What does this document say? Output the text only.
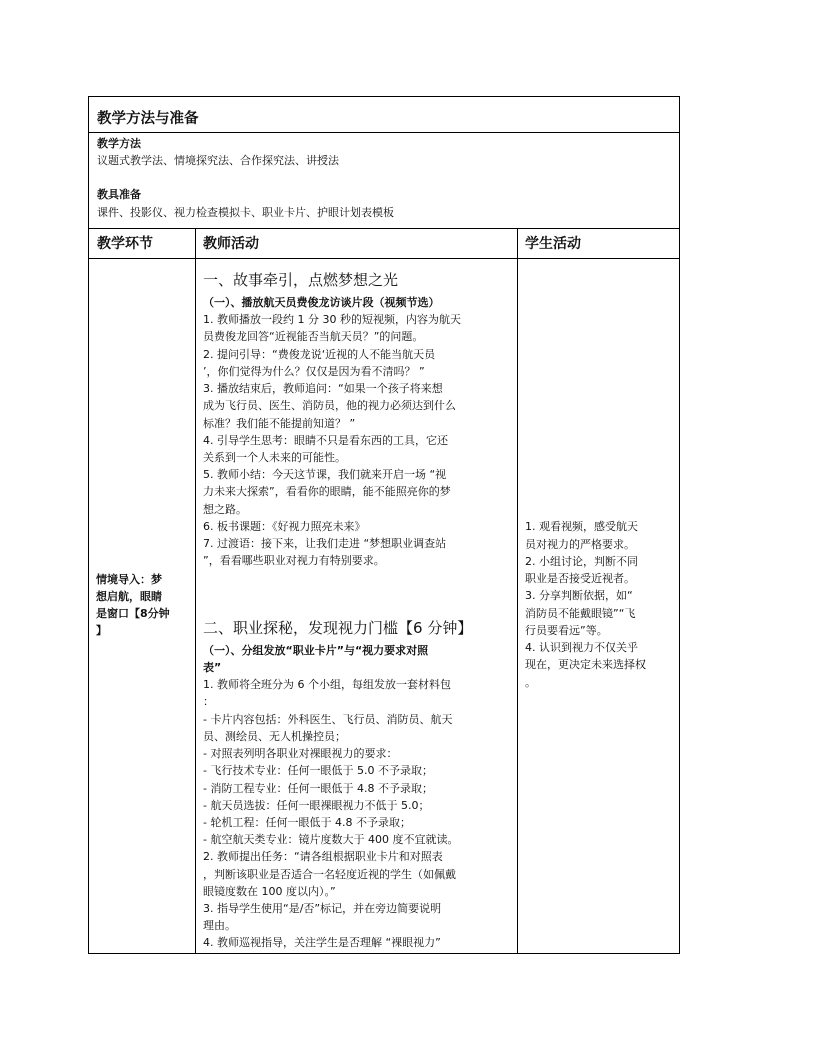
教学方法与准备
教学方法
议题式教学法、情境探究法、合作探究法、讲授法
教具准备
课件、投影仪、视力检查模拟卡、职业卡片、护眼计划表模板
教学环节	教师活动	学生活动
情境导入：梦
想启航，眼睛
是窗口【8分钟
】
一、故事牵引，点燃梦想之光
（一）、播放航天员费俊龙访谈片段（视频节选）
1. 教师播放一段约 1 分 30 秒的短视频，内容为航天
员费俊龙回答“近视能否当航天员？”的问题。
2. 提问引导：“费俊龙说‘近视的人不能当航天员
’，你们觉得为什么？仅仅是因为看不清吗？ ”
3. 播放结束后，教师追问：“如果一个孩子将来想
成为飞行员、医生、消防员，他的视力必须达到什么
标准？我们能不能提前知道？ ”
4. 引导学生思考：眼睛不只是看东西的工具，它还
关系到一个人未来的可能性。
5. 教师小结：今天这节课，我们就来开启一场 “视
力未来大探索”，看看你的眼睛，能不能照亮你的梦
想之路。
6. 板书课题：《好视力照亮未来》
7. 过渡语：接下来，让我们走进 “梦想职业调查站
”，看看哪些职业对视力有特别要求。
二、职业探秘，发现视力门槛【6 分钟】
（一）、分组发放“职业卡片”与“视力要求对照
表”
1. 教师将全班分为 6 个小组，每组发放一套材料包
：
- 卡片内容包括：外科医生、飞行员、消防员、航天
员、测绘员、无人机操控员；
- 对照表列明各职业对裸眼视力的要求：
- 飞行技术专业：任何一眼低于 5.0 不予录取；
- 消防工程专业：任何一眼低于 4.8 不予录取；
- 航天员选拔：任何一眼裸眼视力不低于 5.0；
- 轮机工程：任何一眼低于 4.8 不予录取；
- 航空航天类专业：镜片度数大于 400 度不宜就读。
2. 教师提出任务：“请各组根据职业卡片和对照表
，判断该职业是否适合一名轻度近视的学生（如佩戴
眼镜度数在 100 度以内）。”
3. 指导学生使用“是/否”标记，并在旁边简要说明
理由。
4. 教师巡视指导，关注学生是否理解 “裸眼视力”
1. 观看视频，感受航天
员对视力的严格要求。
2. 小组讨论，判断不同
职业是否接受近视者。
3. 分享判断依据，如“
消防员不能戴眼镜”“飞
行员要看远”等。
4. 认识到视力不仅关乎
现在，更决定未来选择权
。
